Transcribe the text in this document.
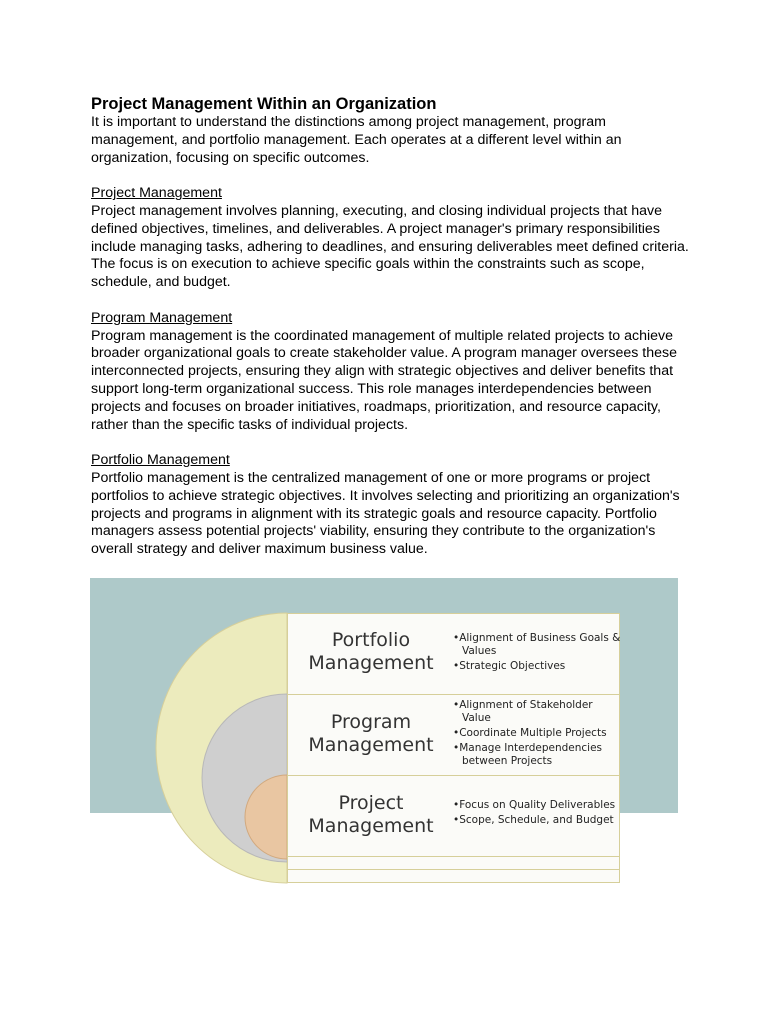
Project Management Within an Organization

It is important to understand the distinctions among project management, program management, and portfolio management. Each operates at a different level within an organization, focusing on specific outcomes.

Project Management

Project management involves planning, executing, and closing individual projects that have defined objectives, timelines, and deliverables. A project manager's primary responsibilities include managing tasks, adhering to deadlines, and ensuring deliverables meet defined criteria. The focus is on execution to achieve specific goals within the constraints such as scope, schedule, and budget.

Program Management

Program management is the coordinated management of multiple related projects to achieve broader organizational goals to create stakeholder value. A program manager oversees these interconnected projects, ensuring they align with strategic objectives and deliver benefits that support long-term organizational success. This role manages interdependencies between projects and focuses on broader initiatives, roadmaps, prioritization, and resource capacity, rather than the specific tasks of individual projects.

Portfolio Management

Portfolio management is the centralized management of one or more programs or project portfolios to achieve strategic objectives. It involves selecting and prioritizing an organization's projects and programs in alignment with its strategic goals and resource capacity. Portfolio managers assess potential projects' viability, ensuring they contribute to the organization's overall strategy and deliver maximum business value.

Portfolio
Management
• Alignment of Business Goals & Values
• Strategic Objectives
Program
Management
• Alignment of Stakeholder Value
• Coordinate Multiple Projects
• Manage Interdependencies between Projects
Project
Management
• Focus on Quality Deliverables
• Scope, Schedule, and Budget
